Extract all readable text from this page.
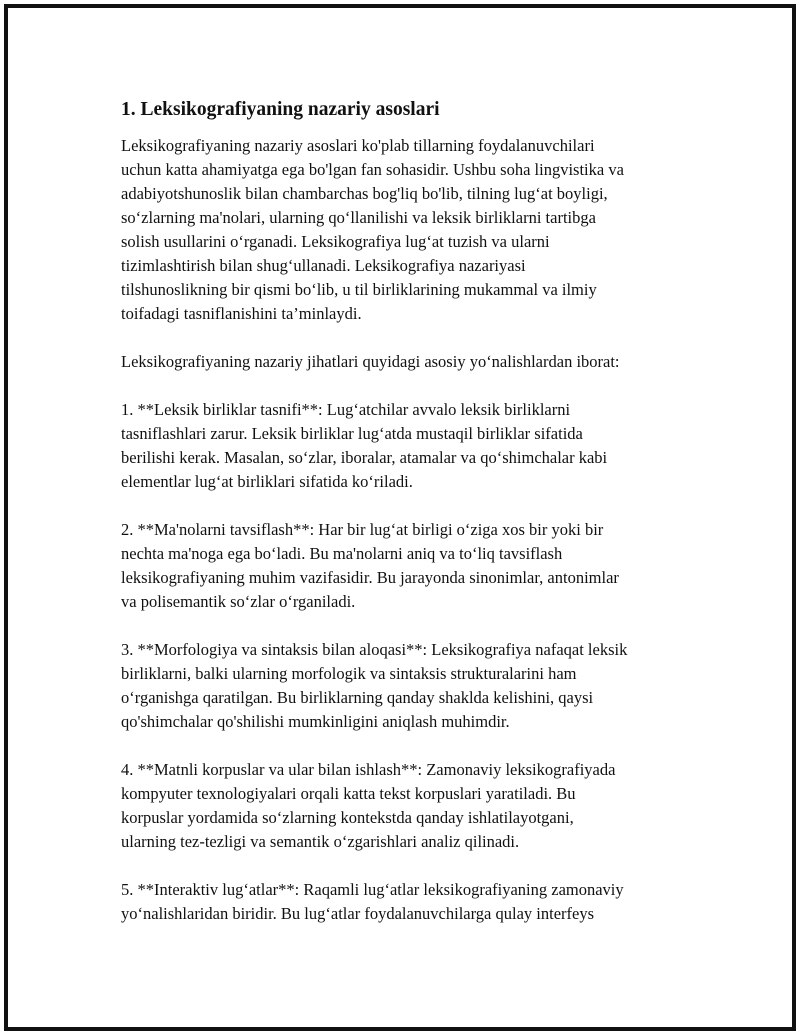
1. Leksikografiyaning nazariy asoslari

Leksikografiyaning nazariy asoslari ko'plab tillarning foydalanuvchilari
uchun katta ahamiyatga ega bo'lgan fan sohasidir. Ushbu soha lingvistika va
adabiyotshunoslik bilan chambarchas bog'liq bo'lib, tilning lug‘at boyligi,
so‘zlarning ma'nolari, ularning qo‘llanilishi va leksik birliklarni tartibga
solish usullarini o‘rganadi. Leksikografiya lug‘at tuzish va ularni
tizimlashtirish bilan shug‘ullanadi. Leksikografiya nazariyasi
tilshunoslikning bir qismi bo‘lib, u til birliklarining mukammal va ilmiy
toifadagi tasniflanishini ta’minlaydi.

Leksikografiyaning nazariy jihatlari quyidagi asosiy yo‘nalishlardan iborat:

1. **Leksik birliklar tasnifi**: Lug‘atchilar avvalo leksik birliklarni
tasniflashlari zarur. Leksik birliklar lug‘atda mustaqil birliklar sifatida
berilishi kerak. Masalan, so‘zlar, iboralar, atamalar va qo‘shimchalar kabi
elementlar lug‘at birliklari sifatida ko‘riladi.

2. **Ma'nolarni tavsiflash**: Har bir lug‘at birligi o‘ziga xos bir yoki bir
nechta ma'noga ega bo‘ladi. Bu ma'nolarni aniq va to‘liq tavsiflash
leksikografiyaning muhim vazifasidir. Bu jarayonda sinonimlar, antonimlar
va polisemantik so‘zlar o‘rganiladi.

3. **Morfologiya va sintaksis bilan aloqasi**: Leksikografiya nafaqat leksik
birliklarni, balki ularning morfologik va sintaksis strukturalarini ham
o‘rganishga qaratilgan. Bu birliklarning qanday shaklda kelishini, qaysi
qo'shimchalar qo'shilishi mumkinligini aniqlash muhimdir.

4. **Matnli korpuslar va ular bilan ishlash**: Zamonaviy leksikografiyada
kompyuter texnologiyalari orqali katta tekst korpuslari yaratiladi. Bu
korpuslar yordamida so‘zlarning kontekstda qanday ishlatilayotgani,
ularning tez-tezligi va semantik o‘zgarishlari analiz qilinadi.

5. **Interaktiv lug‘atlar**: Raqamli lug‘atlar leksikografiyaning zamonaviy
yo‘nalishlaridan biridir. Bu lug‘atlar foydalanuvchilarga qulay interfeys
